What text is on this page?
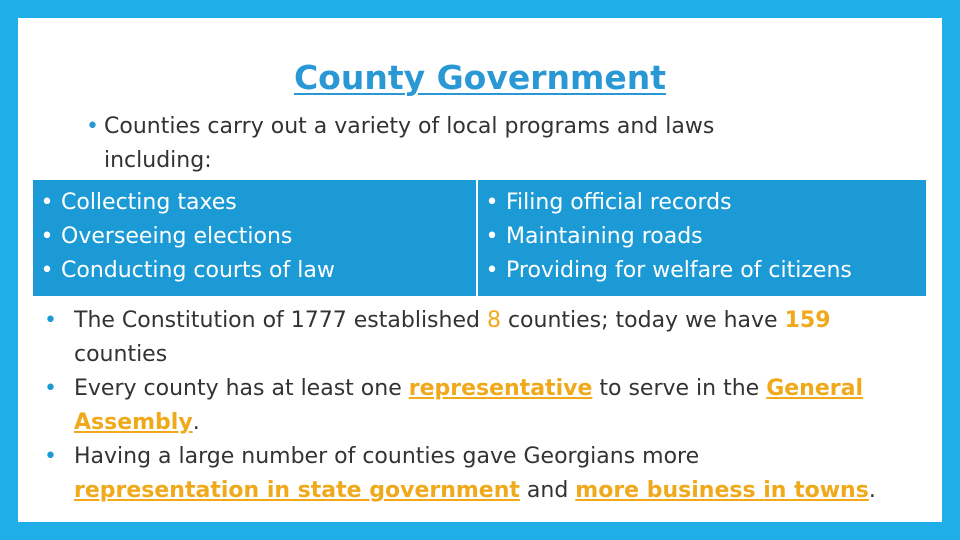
County Government
• Counties carry out a variety of local programs and laws
including:
• Collecting taxes
• Overseeing elections
• Conducting courts of law
• Filing official records
• Maintaining roads
• Providing for welfare of citizens
• The Constitution of 1777 established 8 counties; today we have 159
counties
• Every county has at least one representative to serve in the General
Assembly.
• Having a large number of counties gave Georgians more
representation in state government and more business in towns.
